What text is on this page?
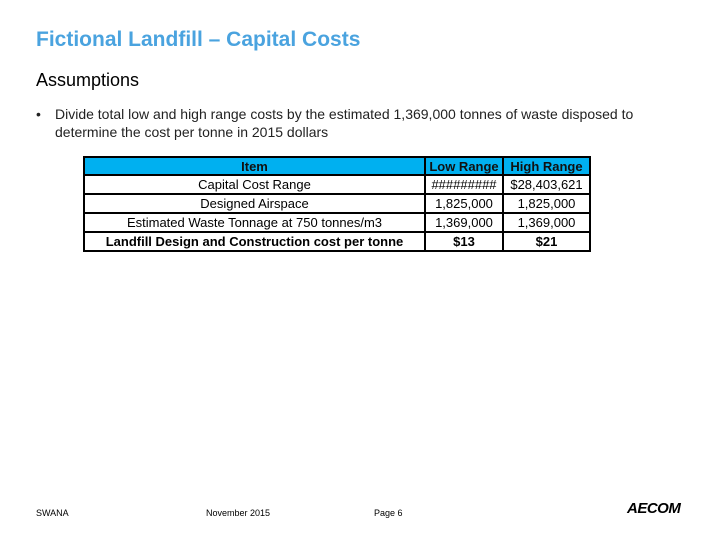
Fictional Landfill – Capital Costs
Assumptions
• Divide total low and high range costs by the estimated 1,369,000 tonnes of waste disposed to determine the cost per tonne in 2015 dollars
Item	Low Range	High Range
Capital Cost Range	#########	$28,403,621
Designed Airspace	1,825,000	1,825,000
Estimated Waste Tonnage at 750 tonnes/m3	1,369,000	1,369,000
Landfill Design and Construction cost per tonne	$13	$21
SWANA	November 2015	Page 6	AECOM
